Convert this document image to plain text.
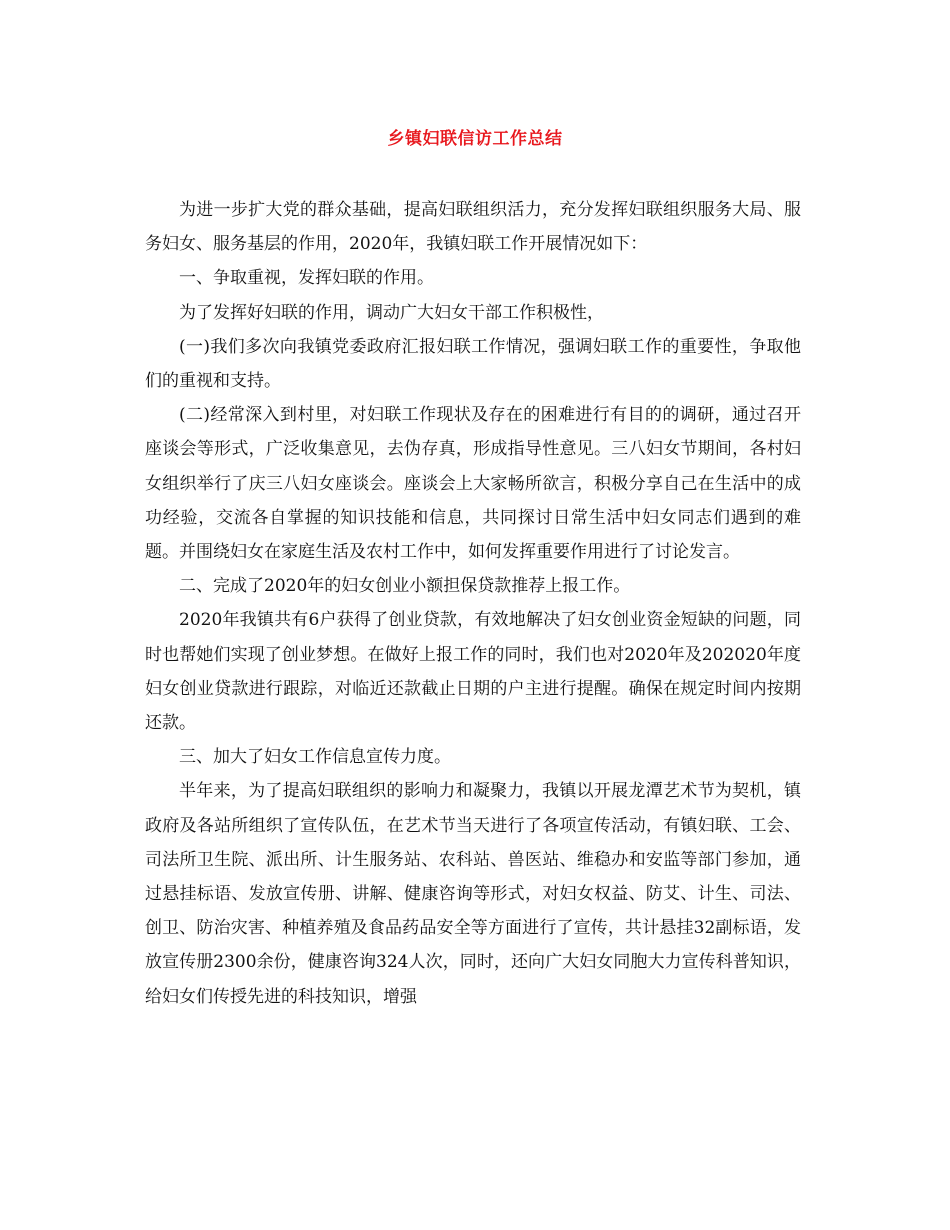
乡镇妇联信访工作总结

为进一步扩大党的群众基础，提高妇联组织活力，充分发挥妇联组织服务大局、服务妇女、服务基层的作用，2020年，我镇妇联工作开展情况如下：

一、争取重视，发挥妇联的作用。

为了发挥好妇联的作用，调动广大妇女干部工作积极性，

(一)我们多次向我镇党委政府汇报妇联工作情况，强调妇联工作的重要性，争取他们的重视和支持。

(二)经常深入到村里，对妇联工作现状及存在的困难进行有目的的调研，通过召开座谈会等形式，广泛收集意见，去伪存真，形成指导性意见。三八妇女节期间，各村妇女组织举行了庆三八妇女座谈会。座谈会上大家畅所欲言，积极分享自己在生活中的成功经验，交流各自掌握的知识技能和信息，共同探讨日常生活中妇女同志们遇到的难题。并围绕妇女在家庭生活及农村工作中，如何发挥重要作用进行了讨论发言。

二、完成了2020年的妇女创业小额担保贷款推荐上报工作。

2020年我镇共有6户获得了创业贷款，有效地解决了妇女创业资金短缺的问题，同时也帮她们实现了创业梦想。在做好上报工作的同时，我们也对2020年及202020年度妇女创业贷款进行跟踪，对临近还款截止日期的户主进行提醒。确保在规定时间内按期还款。

三、加大了妇女工作信息宣传力度。

半年来，为了提高妇联组织的影响力和凝聚力，我镇以开展龙潭艺术节为契机，镇政府及各站所组织了宣传队伍，在艺术节当天进行了各项宣传活动，有镇妇联、工会、司法所卫生院、派出所、计生服务站、农科站、兽医站、维稳办和安监等部门参加，通过悬挂标语、发放宣传册、讲解、健康咨询等形式，对妇女权益、防艾、计生、司法、创卫、防治灾害、种植养殖及食品药品安全等方面进行了宣传，共计悬挂32副标语，发放宣传册2300余份，健康咨询324人次，同时，还向广大妇女同胞大力宣传科普知识，给妇女们传授先进的科技知识，增强
